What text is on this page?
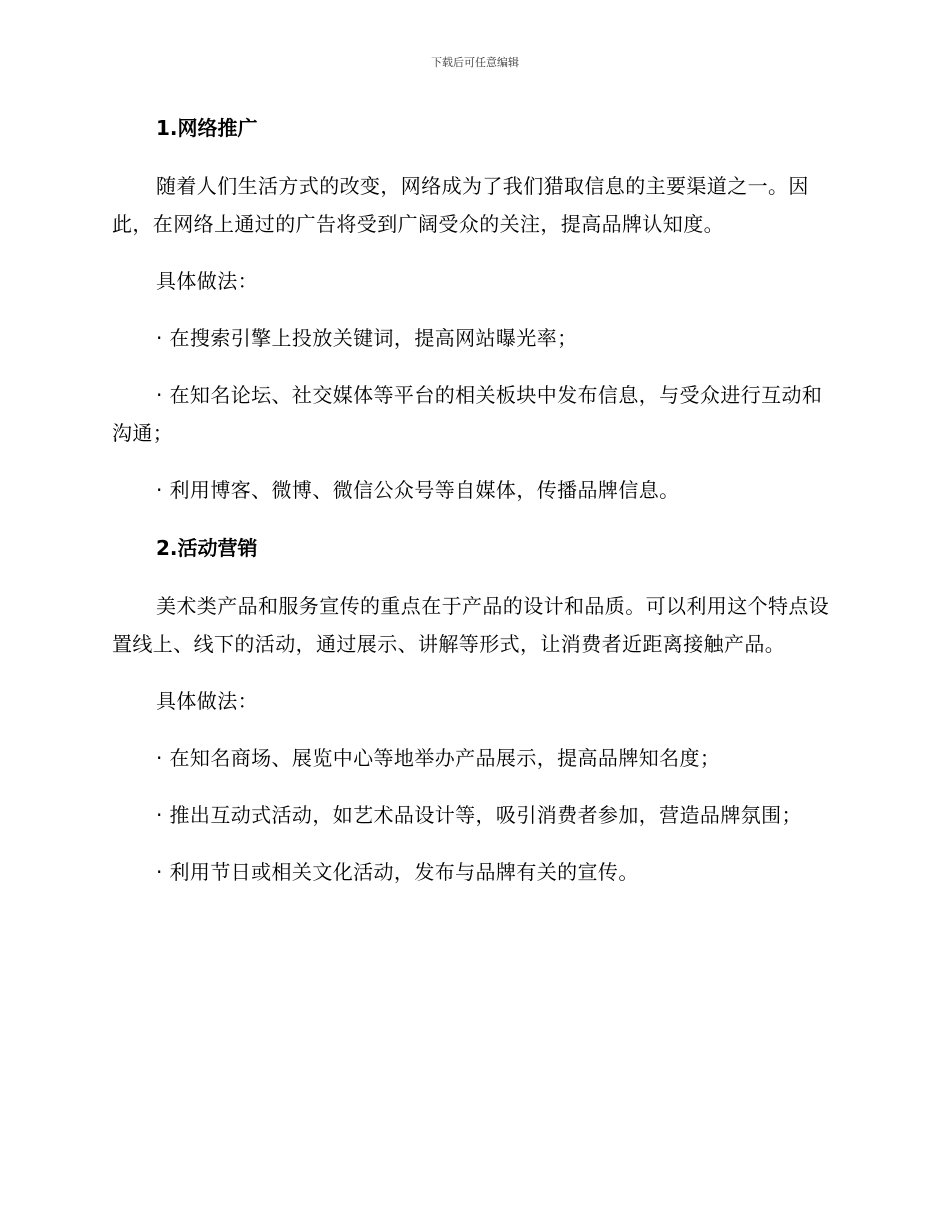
下载后可任意编辑
1.网络推广
随着人们生活方式的改变，网络成为了我们猎取信息的主要渠道之一。因此，在网络上通过的广告将受到广阔受众的关注，提高品牌认知度。
具体做法：
· 在搜索引擎上投放关键词，提高网站曝光率；
· 在知名论坛、社交媒体等平台的相关板块中发布信息，与受众进行互动和沟通；
· 利用博客、微博、微信公众号等自媒体，传播品牌信息。
2.活动营销
美术类产品和服务宣传的重点在于产品的设计和品质。可以利用这个特点设置线上、线下的活动，通过展示、讲解等形式，让消费者近距离接触产品。
具体做法：
· 在知名商场、展览中心等地举办产品展示，提高品牌知名度；
· 推出互动式活动，如艺术品设计等，吸引消费者参加，营造品牌氛围；
· 利用节日或相关文化活动，发布与品牌有关的宣传。
